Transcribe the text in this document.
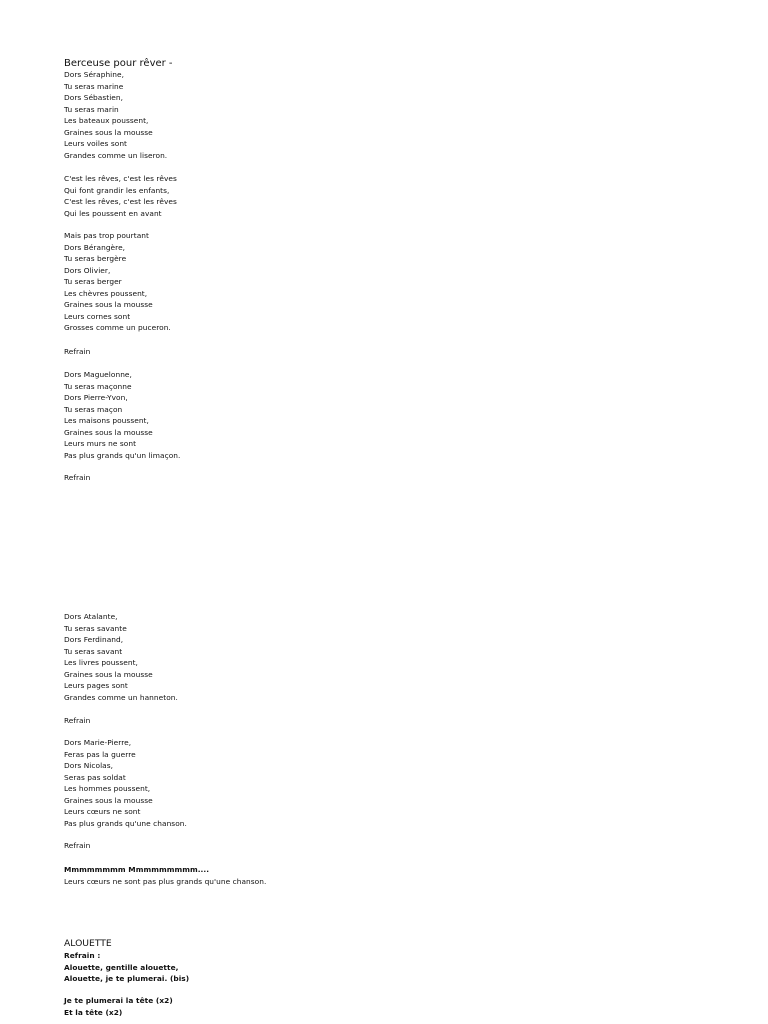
Berceuse pour rêver -
Dors Séraphine,
Tu seras marine
Dors Sébastien,
Tu seras marin
Les bateaux poussent,
Graines sous la mousse
Leurs voiles sont
Grandes comme un liseron.
C'est les rêves, c'est les rêves
Qui font grandir les enfants,
C'est les rêves, c'est les rêves
Qui les poussent en avant
Mais pas trop pourtant
Dors Bérangère,
Tu seras bergère
Dors Olivier,
Tu seras berger
Les chèvres poussent,
Graines sous la mousse
Leurs cornes sont
Grosses comme un puceron.
Refrain
Dors Maguelonne,
Tu seras maçonne
Dors Pierre-Yvon,
Tu seras maçon
Les maisons poussent,
Graines sous la mousse
Leurs murs ne sont
Pas plus grands qu'un limaçon.
Refrain
Dors Atalante,
Tu seras savante
Dors Ferdinand,
Tu seras savant
Les livres poussent,
Graines sous la mousse
Leurs pages sont
Grandes comme un hanneton.
Refrain
Dors Marie-Pierre,
Feras pas la guerre
Dors Nicolas,
Seras pas soldat
Les hommes poussent,
Graines sous la mousse
Leurs cœurs ne sont
Pas plus grands qu'une chanson.
Refrain
Mmmmmmmm Mmmmmmmmm....
Leurs cœurs ne sont pas plus grands qu'une chanson.
ALOUETTE
Refrain :
Alouette, gentille alouette,
Alouette, je te plumerai. (bis)
Je te plumerai la tête (x2)
Et la tête (x2)
